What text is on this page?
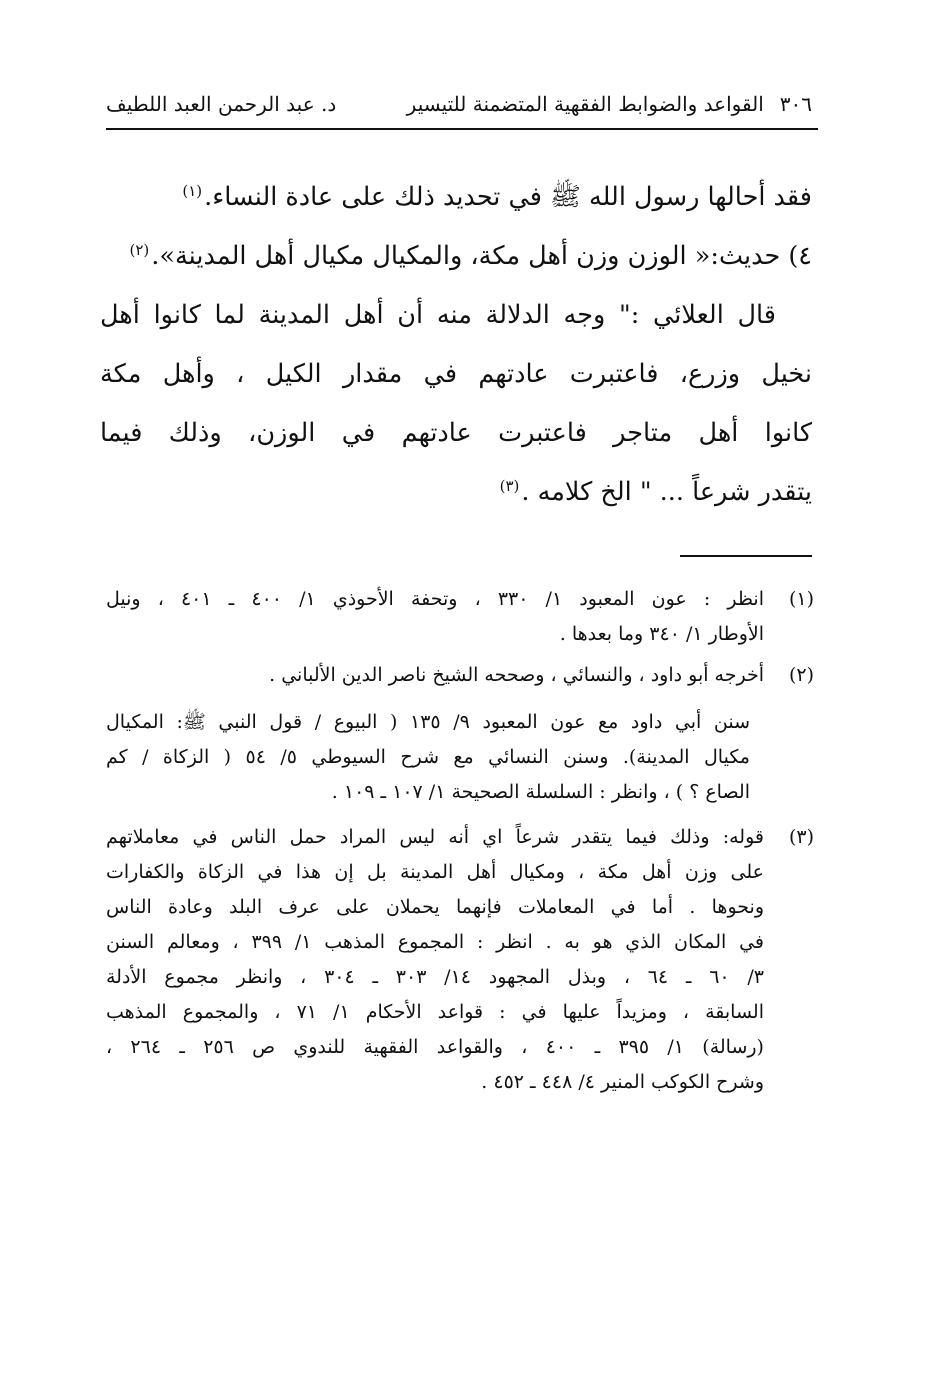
٣٠٦
القواعد والضوابط الفقهية المتضمنة للتيسير
د. عبد الرحمن العبد اللطيف
فقد أحالها رسول الله ﷺ في تحديد ذلك على عادة النساء.$^{(١)}$
٤) حديث:« الوزن وزن أهل مكة، والمكيال مكيال أهل المدينة».$^{(٢)}$
قال العلائي :" وجه الدلالة منه أن أهل المدينة لما كانوا أهل
نخيل وزرع، فاعتبرت عادتهم في مقدار الكيل ، وأهل مكة
كانوا أهل متاجر فاعتبرت عادتهم في الوزن، وذلك فيما
يتقدر شرعاً ... " الخ كلامه .$^{(٣)}$
(١)
انظر : عون المعبود ١/ ٣٣٠ ، وتحفة الأحوذي ١/ ٤٠٠ ـ ٤٠١ ، ونيل
الأوطار ١/ ٣٤٠ وما بعدها .
(٢)
أخرجه أبو داود ، والنسائي ، وصححه الشيخ ناصر الدين الألباني .
سنن أبي داود مع عون المعبود ٩/ ١٣٥ ( البيوع / قول النبي ﷺ: المكيال
مكيال المدينة). وسنن النسائي مع شرح السيوطي ٥/ ٥٤ ( الزكاة / كم
الصاع ؟ ) ، وانظر : السلسلة الصحيحة ١/ ١٠٧ ـ ١٠٩ .
(٣)
قوله: وذلك فيما يتقدر شرعاً اي أنه ليس المراد حمل الناس في معاملاتهم
على وزن أهل مكة ، ومكيال أهل المدينة بل إن هذا في الزكاة والكفارات
ونحوها . أما في المعاملات فإنهما يحملان على عرف البلد وعادة الناس
في المكان الذي هو به . انظر : المجموع المذهب ١/ ٣٩٩ ، ومعالم السنن
٣/ ٦٠ ـ ٦٤ ، وبذل المجهود ١٤/ ٣٠٣ ـ ٣٠٤ ، وانظر مجموع الأدلة
السابقة ، ومزيداً عليها في : قواعد الأحكام ١/ ٧١ ، والمجموع المذهب
(رسالة) ١/ ٣٩٥ ـ ٤٠٠ ، والقواعد الفقهية للندوي ص ٢٥٦ ـ ٢٦٤ ،
وشرح الكوكب المنير ٤/ ٤٤٨ ـ ٤٥٢ .
